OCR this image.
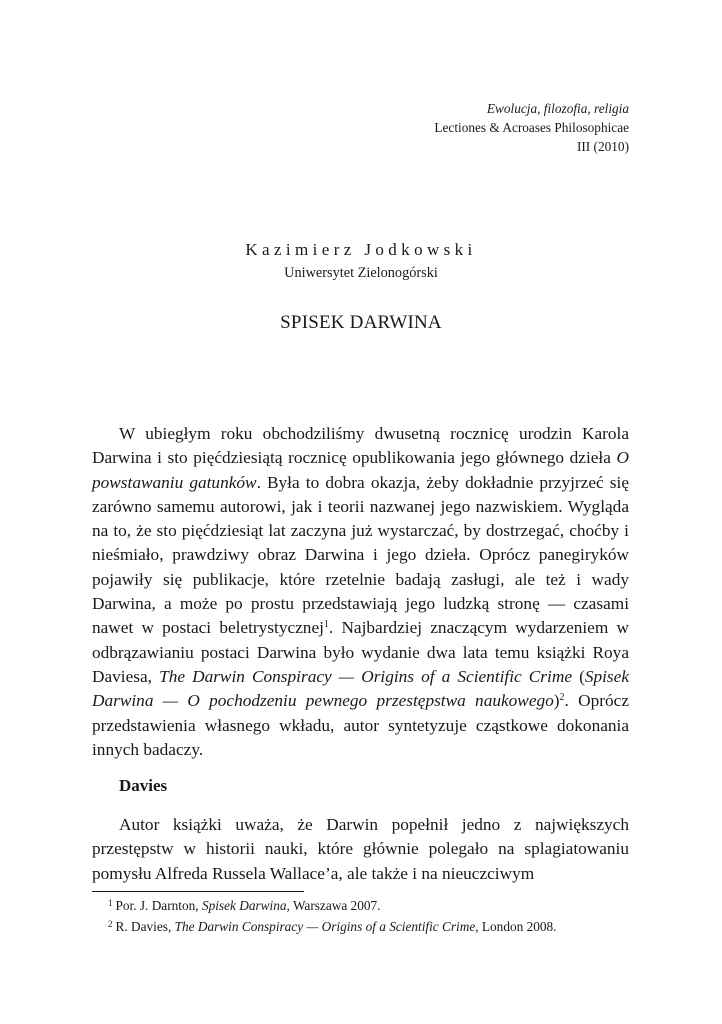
Ewolucja, filozofia, religia
Lectiones & Acroases Philosophicae
III (2010)
Kazimierz Jodkowski
Uniwersytet Zielonogórski
SPISEK DARWINA

W ubiegłym roku obchodziliśmy dwusetną rocznicę urodzin Karola Darwina i sto pięćdziesiątą rocznicę opublikowania jego głównego dzieła O powstawaniu gatunków. Była to dobra okazja, żeby dokładnie przyjrzeć się zarówno samemu autorowi, jak i teorii nazwanej jego nazwiskiem. Wygląda na to, że sto pięćdziesiąt lat zaczyna już wystarczać, by dostrzegać, choćby i nieśmiało, prawdziwy obraz Darwina i jego dzieła. Oprócz panegiryków pojawiły się publikacje, które rzetelnie badają zasługi, ale też i wady Darwina, a może po prostu przedstawiają jego ludzką stronę — czasami nawet w postaci beletrystycznej$^1$. Najbardziej znaczącym wydarzeniem w odbrązawianiu postaci Darwina było wydanie dwa lata temu książki Roya Daviesa, The Darwin Conspiracy — Origins of a Scientific Crime (Spisek Darwina — O pochodzeniu pewnego przestępstwa naukowego)$^2$. Oprócz przedstawienia własnego wkładu, autor syntetyzuje cząstkowe dokonania innych badaczy.

Davies

Autor książki uważa, że Darwin popełnił jedno z największych przestępstw w historii nauki, które głównie polegało na splagiatowaniu pomysłu Alfreda Russela Wallace’a, ale także i na nieuczciwym

$^1$ Por. J. Darnton, Spisek Darwina, Warszawa 2007.
$^2$ R. Davies, The Darwin Conspiracy — Origins of a Scientific Crime, London 2008.
